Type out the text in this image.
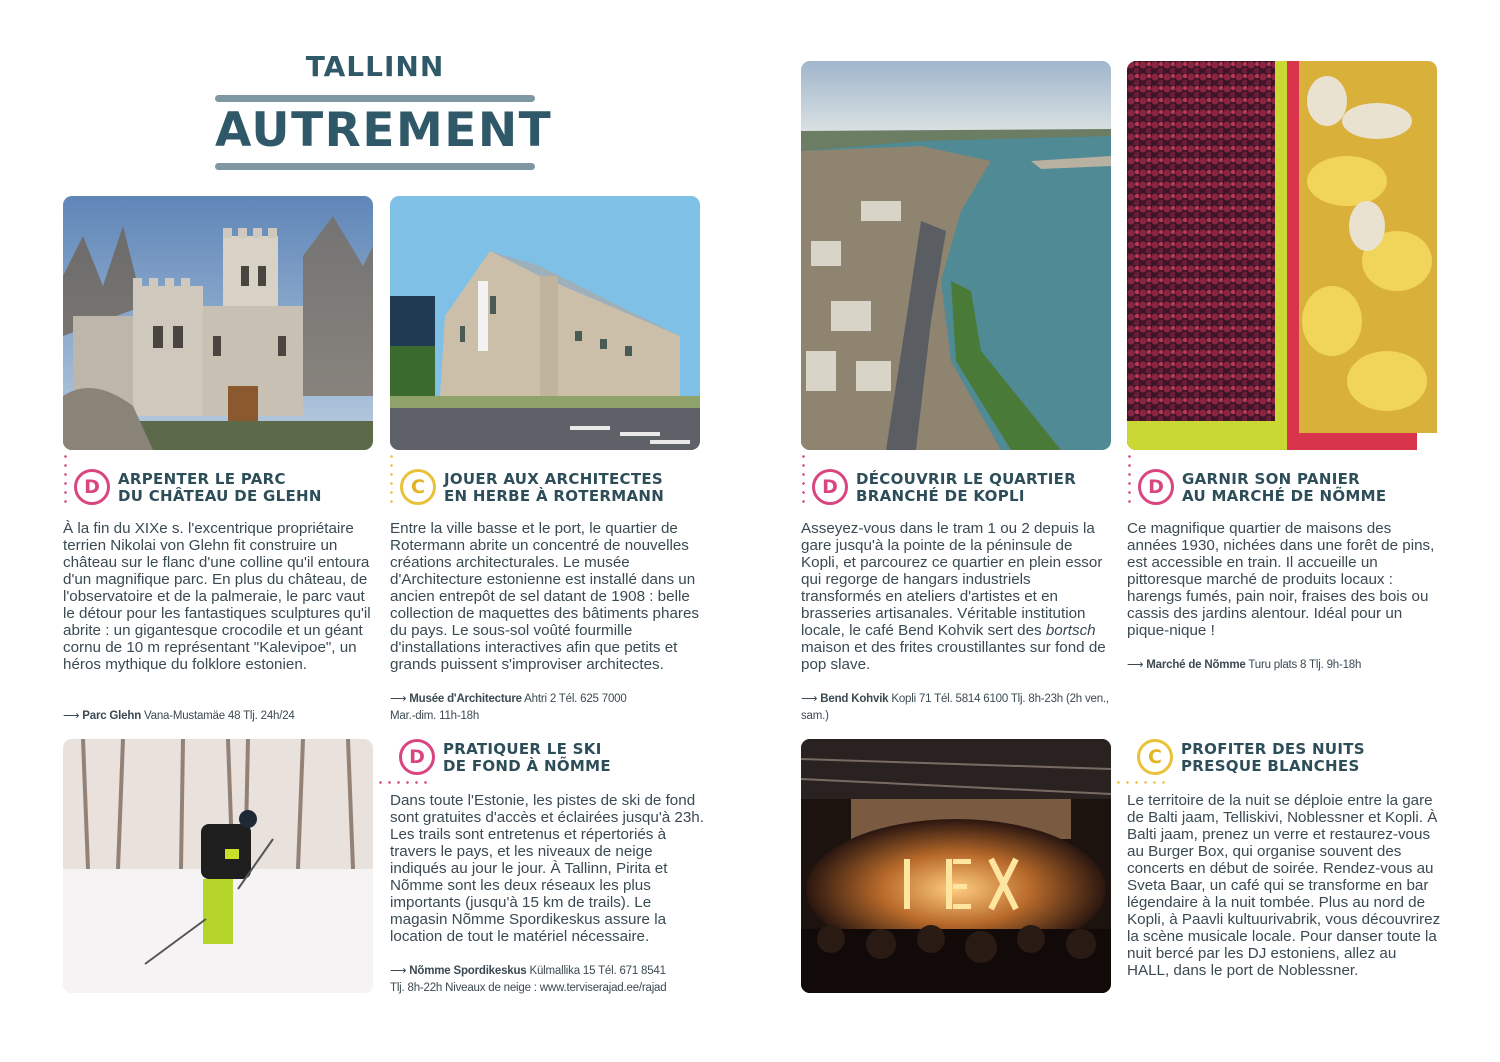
TALLINN
AUTREMENT
D	ARPENTER LE PARC
DU CHÂTEAU DE GLEHN
À la fin du XIXe s. l'excentrique propriétaire terrien Nikolai von Glehn fit construire un château sur le flanc d'une colline qu'il entoura d'un magnifique parc. En plus du château, de l'observatoire et de la palmeraie, le parc vaut le détour pour les fantastiques sculptures qu'il abrite : un gigantesque crocodile et un géant cornu de 10 m représentant "Kalevipoe", un héros mythique du folklore estonien.
⟶ Parc Glehn Vana-Mustamäe 48 Tlj. 24h/24
C	JOUER AUX ARCHITECTES
EN HERBE À ROTERMANN
Entre la ville basse et le port, le quartier de Rotermann abrite un concentré de nouvelles créations architecturales. Le musée d'Architecture estonienne est installé dans un ancien entrepôt de sel datant de 1908 : belle collection de maquettes des bâtiments phares du pays. Le sous-sol voûté fourmille d'installations interactives afin que petits et grands puissent s'improviser architectes.
⟶ Musée d'Architecture Ahtri 2 Tél. 625 7000
Mar.-dim. 11h-18h
D	PRATIQUER LE SKI
DE FOND À NÕMME
Dans toute l'Estonie, les pistes de ski de fond sont gratuites d'accès et éclairées jusqu'à 23h. Les trails sont entretenus et répertoriés à travers le pays, et les niveaux de neige indiqués au jour le jour. À Tallinn, Pirita et Nõmme sont les deux réseaux les plus importants (jusqu'à 15 km de trails). Le magasin Nõmme Spordikeskus assure la location de tout le matériel nécessaire.
⟶ Nõmme Spordikeskus Külmallika 15 Tél. 671 8541
Tlj. 8h-22h Niveaux de neige : www.terviserajad.ee/rajad
D	DÉCOUVRIR LE QUARTIER
BRANCHÉ DE KOPLI
Asseyez-vous dans le tram 1 ou 2 depuis la gare jusqu'à la pointe de la péninsule de Kopli, et parcourez ce quartier en plein essor qui regorge de hangars industriels transformés en ateliers d'artistes et en brasseries artisanales. Véritable institution locale, le café Bend Kohvik sert des bortsch maison et des frites croustillantes sur fond de pop slave.
⟶ Bend Kohvik Kopli 71 Tél. 5814 6100 Tlj. 8h-23h (2h ven., sam.)
D	GARNIR SON PANIER
AU MARCHÉ DE NÕMME
Ce magnifique quartier de maisons des années 1930, nichées dans une forêt de pins, est accessible en train. Il accueille un pittoresque marché de produits locaux : harengs fumés, pain noir, fraises des bois ou cassis des jardins alentour. Idéal pour un pique-nique !
⟶ Marché de Nõmme Turu plats 8 Tlj. 9h-18h
C	PROFITER DES NUITS
PRESQUE BLANCHES
Le territoire de la nuit se déploie entre la gare de Balti jaam, Telliskivi, Noblessner et Kopli. À Balti jaam, prenez un verre et restaurez-vous au Burger Box, qui organise souvent des concerts en début de soirée. Rendez-vous au Sveta Baar, un café qui se transforme en bar légendaire à la nuit tombée. Plus au nord de Kopli, à Paavli kultuurivabrik, vous découvrirez la scène musicale locale. Pour danser toute la nuit bercé par les DJ estoniens, allez au HALL, dans le port de Noblessner.
